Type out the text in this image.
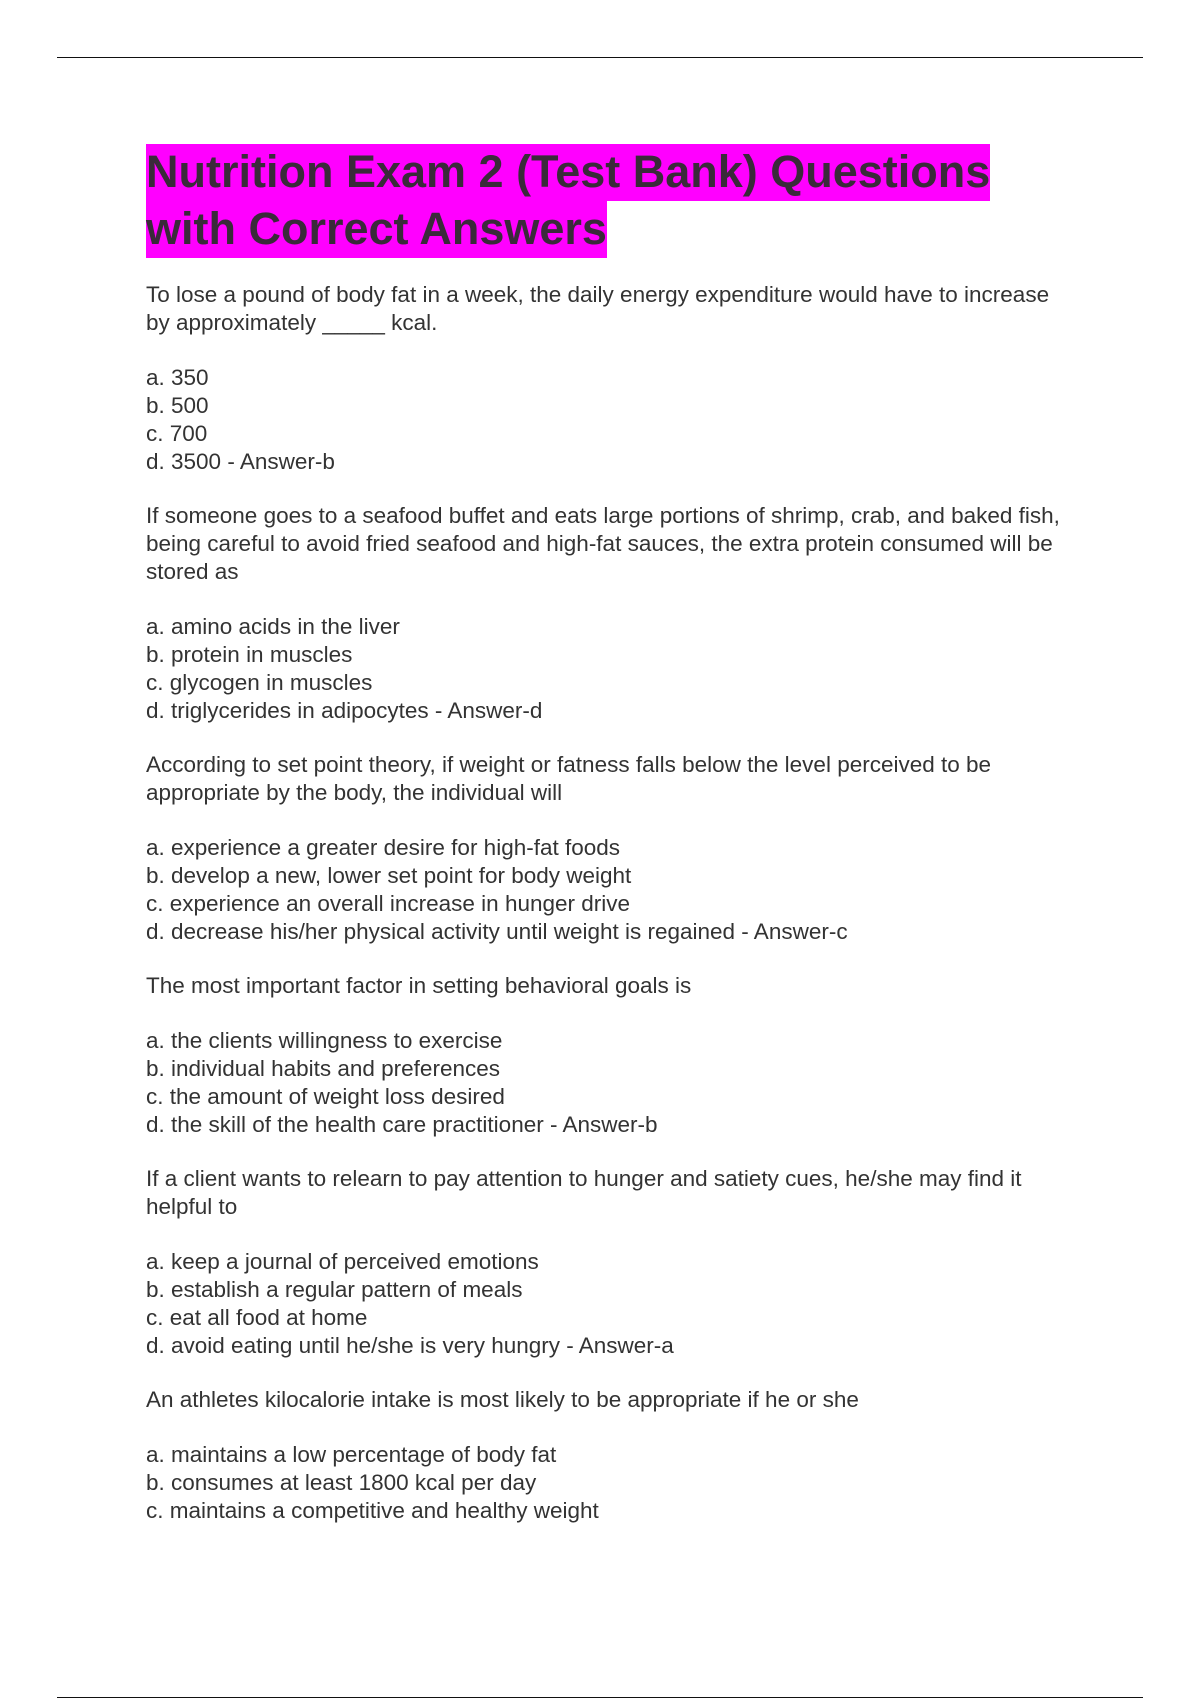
Nutrition Exam 2 (Test Bank) Questions with Correct Answers

To lose a pound of body fat in a week, the daily energy expenditure would have to increase by approximately _____ kcal.

a. 350
b. 500
c. 700
d. 3500 - Answer-b

If someone goes to a seafood buffet and eats large portions of shrimp, crab, and baked fish, being careful to avoid fried seafood and high-fat sauces, the extra protein consumed will be stored as

a. amino acids in the liver
b. protein in muscles
c. glycogen in muscles
d. triglycerides in adipocytes - Answer-d

According to set point theory, if weight or fatness falls below the level perceived to be appropriate by the body, the individual will

a. experience a greater desire for high-fat foods
b. develop a new, lower set point for body weight
c. experience an overall increase in hunger drive
d. decrease his/her physical activity until weight is regained - Answer-c

The most important factor in setting behavioral goals is

a. the clients willingness to exercise
b. individual habits and preferences
c. the amount of weight loss desired
d. the skill of the health care practitioner - Answer-b

If a client wants to relearn to pay attention to hunger and satiety cues, he/she may find it helpful to

a. keep a journal of perceived emotions
b. establish a regular pattern of meals
c. eat all food at home
d. avoid eating until he/she is very hungry - Answer-a

An athletes kilocalorie intake is most likely to be appropriate if he or she

a. maintains a low percentage of body fat
b. consumes at least 1800 kcal per day
c. maintains a competitive and healthy weight
